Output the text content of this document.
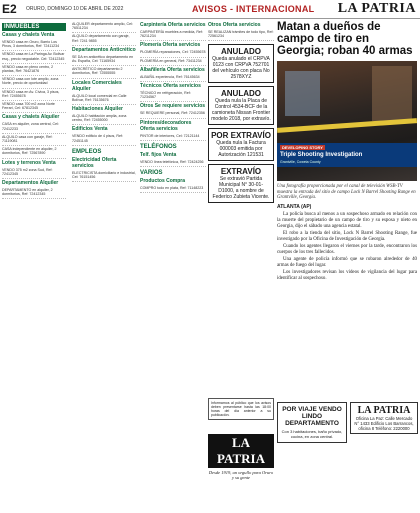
E2 ORURO, DOMINGO 10 DE ABRIL DE 2022	AVISOS - INTERNACIONAL LA PATRIA
INMUEBLES
Casas y chalets Venta
VENDO casa en Oruro, Barrio Los Pinos, 3 dormitorios, Ref: 72411234
VENDO casa en La Paringa Av. Bolivar esq., precio negociable. Cel: 72412345
VENDO casa en pleno centro, 2 plantas, Ref: 76421876
VENDO casa con lote amplio, zona Norte, precio de oportunidad
VENDO casa en Av. Cívica, 3 pisos, Ref: 72455678
VENDO casa 700 m2 zona Norte Ferrari, Cel: 67812345
Casas y chalets Alquiler
CASA en alquiler, zona central, Cel: 72412233
ALQUILO casa con garaje, Ref: 71119081
CASA independiente en alquiler, 2 dormitorios, Ref: 72567890
Lotes y terrenos Venta
VENDO 375 m2 zona Sud, Ref: 72412345
Departamentos Alquiler
DEPARTAMENTO en alquiler, 2 dormitorios, Ref: 72412345
ALQUILER departamento amplio, Cel: 76511234
ALQUILO departamento con garaje, Ref: 7241 9855
Departamentos Anticrético
SE DA en anticrético departamento en Av. España, Cel: 71165934
ANTICRÉTICO departamento 2 dormitorios, Ref: 72555555
Locales Comerciales Alquiler
ALQUILO local comercial en Calle Bolívar, Ref: 76135676
Habitaciones Alquiler
ALQUILO habitación amplia, zona centro, Ref: 72455000
Edificios Venta
VENDO edificio de 4 pisos, Ref: 72451145
EMPLEOS
Electricidad Oferta servicios
ELECTRICISTA domiciliario e industrial, Cel: 76151456
Carpintería Oferta servicios
CARPINTERÍA muebles a medida, Ref: 76211234
Plomería Oferta servicios
PLOMERÍA reparaciones, Cel: 72455678
PLOMERÍA en general, Ref: 73411234
Albañilería Oferta servicios
ALBAÑIL experiencia, Ref: 76145634
Técnicos Oferta servicios
TÉCNICO en refrigeración, Ref: 71234567
Otros Se requiere servicios
SE REQUIERE personal, Ref: 72412356
Pintores/decoradores Oferta servicios
PINTOR de interiores, Cel: 72121144
TELÉFONOS
Telf. fijos Venta
VENDO línea telefónica, Ref: 72424256
VARIOS
Productos Compra
COMPRO todo en plata, Ref: 71148223
Otros Oferta servicios
SE REALIZAN trámites de todo tipo, Ref: 72561234
ANULADO
Queda anulado el CRPVA 0123 con CRPVA 752701 del vehículo con placa No 2578XYZ
ANULADO
Queda nula la Placa de Control 4534-BCF de la camioneta Nissan Frontier modelo 2018, por extravío.
POR EXTRAVÍO
Queda nula la Factura 000003 emitida por Autorización 121531
EXTRAVÍO
Se extravió Partida Municipal N° 30-01-D1000, a nombre de Federico Zubieta Vicente.
Matan a dueños de campo de tiro en Georgia; roban 40 armas
DEVELOPING STORY
Triple Shooting Investigation
Grantville, Coweta County
Una fotografía proporcionada por el canal de televisión WSB-TV muestra la entrada del sitio de campo Lock N Barrel Shooting Range en Grantville, Georgia.
ATLANTA (AP)

La policía busca al menos a un sospechoso armado en relación con la muerte del propietario de un campo de tiro y su esposa y nieto en Georgia, dijo el sábado una agencia estatal.

El robo a la tienda del sitio, Lock N Barrel Shooting Range, fue investigado por la Oficina de Investigación de Georgia.

Cuando los agentes llegaron el viernes por la tarde, encontraron los cuerpos de los tres fallecidos.

Una agente de policía informó que se robaron alrededor de 40 armas de fuego del lugar.

Los investigadores revisan los videos de vigilancia del lugar para identificar al sospechoso.

Informamos al público que los avisos deben presentarse hasta las 18:00 horas del día anterior a su publicación.
LA PATRIA
Desde 1919, un orgullo para Oruro y su gente
POR VIAJE VENDO LINDO DEPARTAMENTO
Con 3 habitaciones, baño privado, cocina, en zona central.
LA PATRIA
Oficina La Paz: Calle Mercado N° 1433 Edificio Los Barrancos, oficina 8 Teléfono: 2220000
